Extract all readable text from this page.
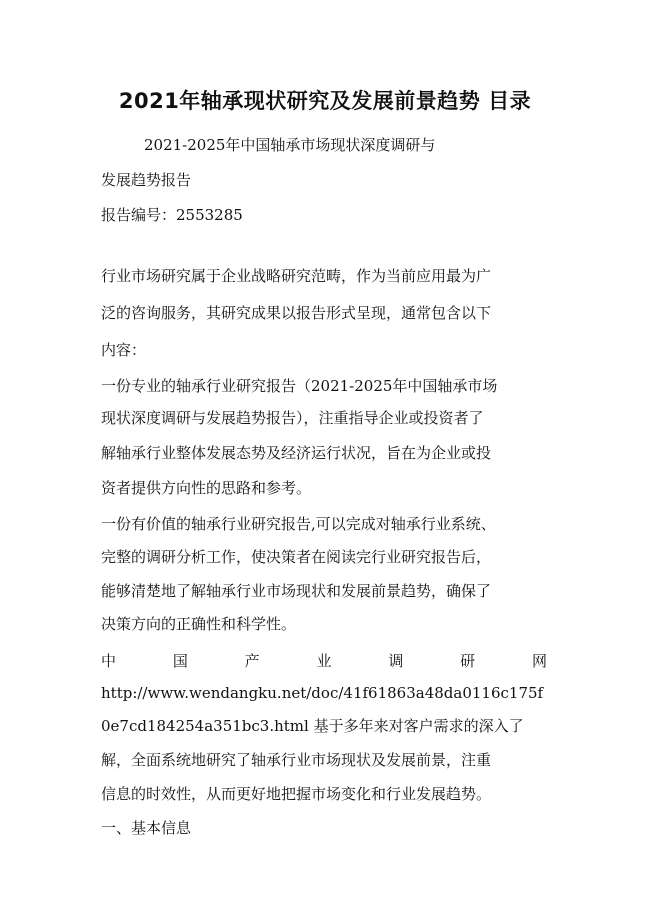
2021年轴承现状研究及发展前景趋势 目录

2021-2025年中国轴承市场现状深度调研与

发展趋势报告

报告编号：2553285

行业市场研究属于企业战略研究范畴，作为当前应用最为广

泛的咨询服务，其研究成果以报告形式呈现，通常包含以下

内容：

一份专业的轴承行业研究报告（2021-2025年中国轴承市场

现状深度调研与发展趋势报告），注重指导企业或投资者了

解轴承行业整体发展态势及经济运行状况，旨在为企业或投

资者提供方向性的思路和参考。

一份有价值的轴承行业研究报告,可以完成对轴承行业系统、

完整的调研分析工作，使决策者在阅读完行业研究报告后，

能够清楚地了解轴承行业市场现状和发展前景趋势，确保了

决策方向的正确性和科学性。

中	国	产	业	调	研	网

http://www.wendangku.net/doc/41f61863a48da0116c175f

0e7cd184254a351bc3.html 基于多年来对客户需求的深入了

解，全面系统地研究了轴承行业市场现状及发展前景，注重

信息的时效性，从而更好地把握市场变化和行业发展趋势。

一、基本信息
